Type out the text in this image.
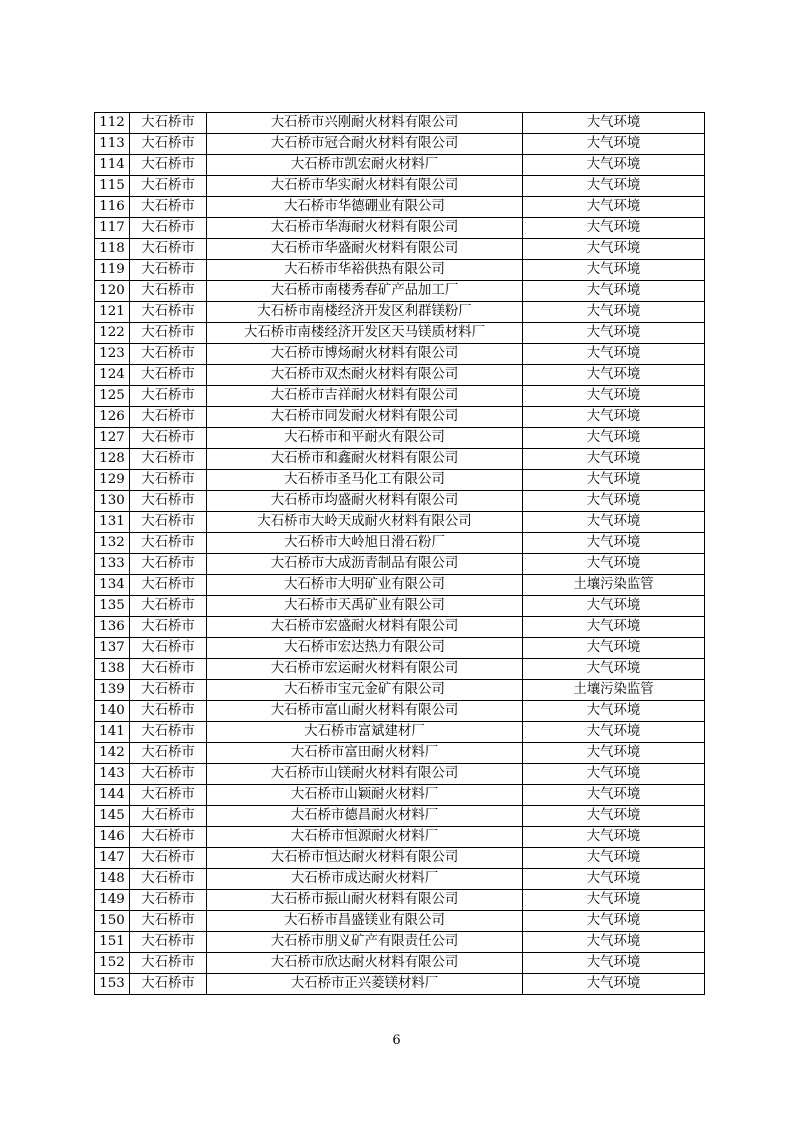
112	大石桥市	大石桥市兴刚耐火材料有限公司	大气环境
113	大石桥市	大石桥市冠合耐火材料有限公司	大气环境
114	大石桥市	大石桥市凯宏耐火材料厂	大气环境
115	大石桥市	大石桥市华实耐火材料有限公司	大气环境
116	大石桥市	大石桥市华德硼业有限公司	大气环境
117	大石桥市	大石桥市华海耐火材料有限公司	大气环境
118	大石桥市	大石桥市华盛耐火材料有限公司	大气环境
119	大石桥市	大石桥市华裕供热有限公司	大气环境
120	大石桥市	大石桥市南楼秀春矿产品加工厂	大气环境
121	大石桥市	大石桥市南楼经济开发区利群镁粉厂	大气环境
122	大石桥市	大石桥市南楼经济开发区天马镁质材料厂	大气环境
123	大石桥市	大石桥市博炀耐火材料有限公司	大气环境
124	大石桥市	大石桥市双杰耐火材料有限公司	大气环境
125	大石桥市	大石桥市吉祥耐火材料有限公司	大气环境
126	大石桥市	大石桥市同发耐火材料有限公司	大气环境
127	大石桥市	大石桥市和平耐火有限公司	大气环境
128	大石桥市	大石桥市和鑫耐火材料有限公司	大气环境
129	大石桥市	大石桥市圣马化工有限公司	大气环境
130	大石桥市	大石桥市均盛耐火材料有限公司	大气环境
131	大石桥市	大石桥市大岭天成耐火材料有限公司	大气环境
132	大石桥市	大石桥市大岭旭日滑石粉厂	大气环境
133	大石桥市	大石桥市大成沥青制品有限公司	大气环境
134	大石桥市	大石桥市大明矿业有限公司	土壤污染监管
135	大石桥市	大石桥市天禹矿业有限公司	大气环境
136	大石桥市	大石桥市宏盛耐火材料有限公司	大气环境
137	大石桥市	大石桥市宏达热力有限公司	大气环境
138	大石桥市	大石桥市宏运耐火材料有限公司	大气环境
139	大石桥市	大石桥市宝元金矿有限公司	土壤污染监管
140	大石桥市	大石桥市富山耐火材料有限公司	大气环境
141	大石桥市	大石桥市富斌建材厂	大气环境
142	大石桥市	大石桥市富田耐火材料厂	大气环境
143	大石桥市	大石桥市山镁耐火材料有限公司	大气环境
144	大石桥市	大石桥市山颖耐火材料厂	大气环境
145	大石桥市	大石桥市德昌耐火材料厂	大气环境
146	大石桥市	大石桥市恒源耐火材料厂	大气环境
147	大石桥市	大石桥市恒达耐火材料有限公司	大气环境
148	大石桥市	大石桥市成达耐火材料厂	大气环境
149	大石桥市	大石桥市振山耐火材料有限公司	大气环境
150	大石桥市	大石桥市昌盛镁业有限公司	大气环境
151	大石桥市	大石桥市朋义矿产有限责任公司	大气环境
152	大石桥市	大石桥市欣达耐火材料有限公司	大气环境
153	大石桥市	大石桥市正兴菱镁材料厂	大气环境
6
